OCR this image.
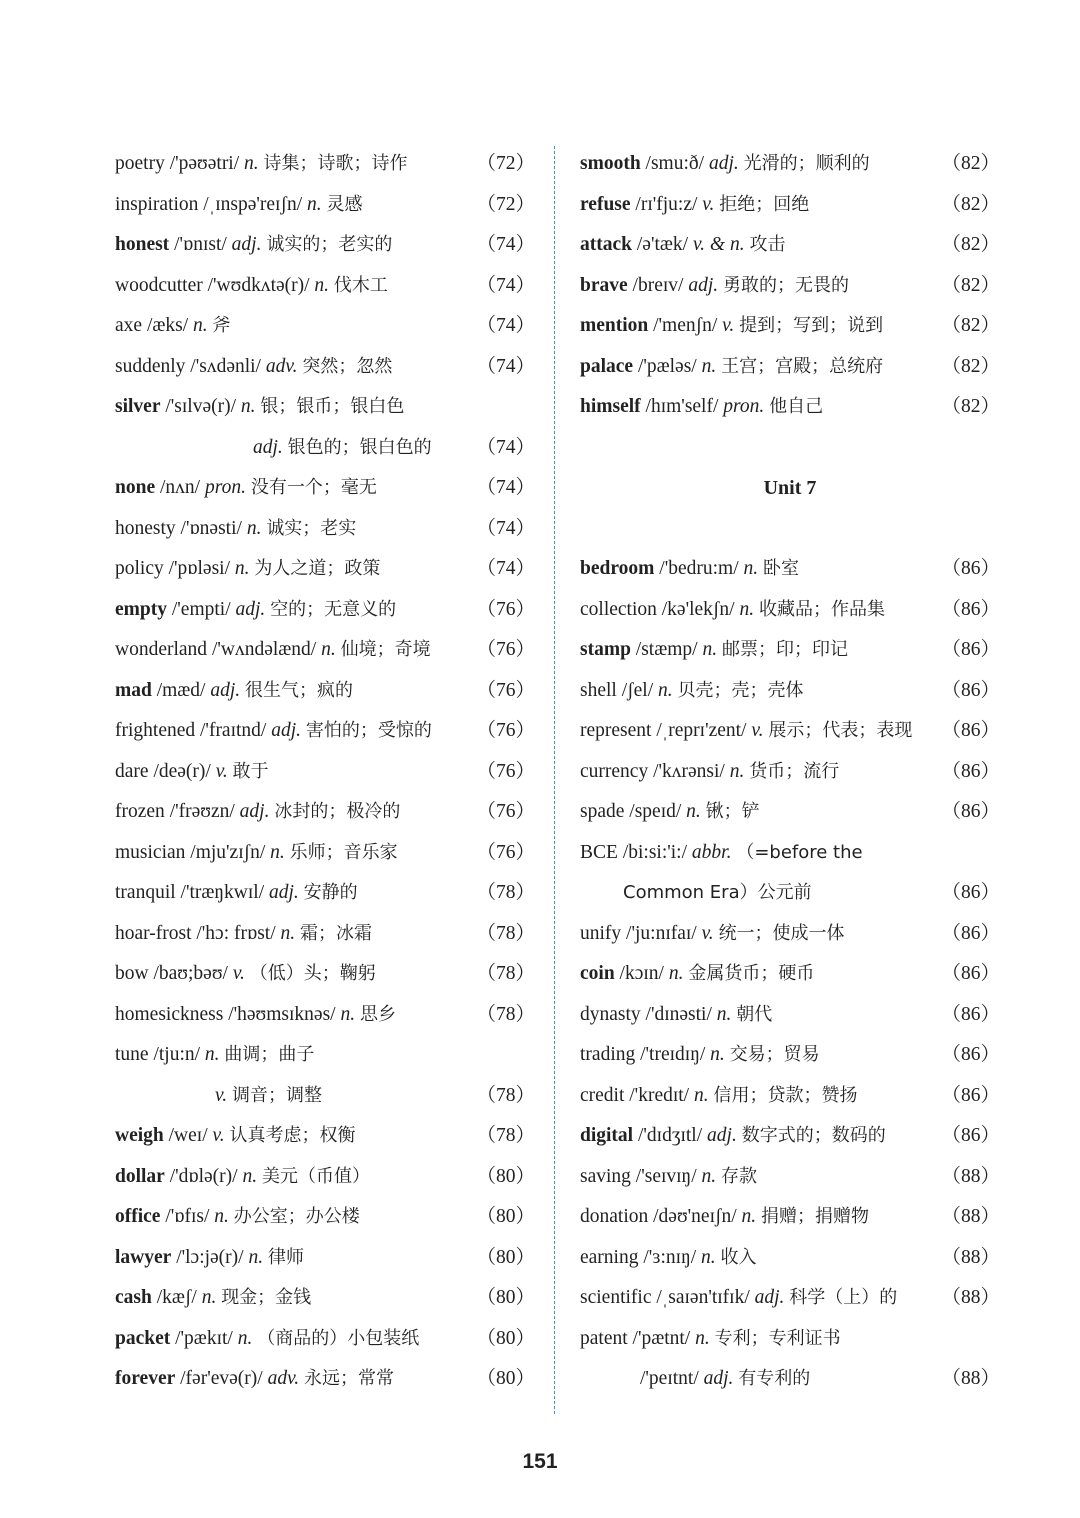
poetry /'pəʊətri/ n. 诗集；诗歌；诗作	（72）
inspiration /ˌɪnspə'reɪʃn/ n. 灵感	（72）
honest /'ɒnɪst/ adj. 诚实的；老实的	（74）
woodcutter /'wʊdkʌtə(r)/ n. 伐木工	（74）
axe /æks/ n. 斧	（74）
suddenly /'sʌdənli/ adv. 突然；忽然	（74）
silver /'sɪlvə(r)/ n. 银；银币；银白色
adj. 银色的；银白色的 （74）
none /nʌn/ pron. 没有一个；毫无	（74）
honesty /'ɒnəsti/ n. 诚实；老实	（74）
policy /'pɒləsi/ n. 为人之道；政策	（74）
empty /'empti/ adj. 空的；无意义的	（76）
wonderland /'wʌndəlænd/ n. 仙境；奇境 （76）
mad /mæd/ adj. 很生气；疯的	（76）
frightened /'fraɪtnd/ adj. 害怕的；受惊的 （76）
dare /deə(r)/ v. 敢于	（76）
frozen /'frəʊzn/ adj. 冰封的；极冷的	（76）
musician /mju'zɪʃn/ n. 乐师；音乐家	（76）
tranquil /'træŋkwɪl/ adj. 安静的	（78）
hoar-frost /'hɔ: frɒst/ n. 霜；冰霜	（78）
bow /baʊ;bəʊ/ v. （低）头；鞠躬	（78）
homesickness /'həʊmsɪknəs/ n. 思乡	（78）
tune /tju:n/ n. 曲调；曲子
v. 调音；调整	（78）
weigh /weɪ/ v. 认真考虑；权衡	（78）
dollar /'dɒlə(r)/ n. 美元（币值）	（80）
office /'ɒfɪs/ n. 办公室；办公楼	（80）
lawyer /'lɔ:jə(r)/ n. 律师	（80）
cash /kæʃ/ n. 现金；金钱	（80）
packet /'pækɪt/ n. （商品的）小包装纸	（80）
forever /fər'evə(r)/ adv. 永远；常常	（80）
smooth /smu:ð/ adj. 光滑的；顺利的	（82）
refuse /rɪ'fju:z/ v. 拒绝；回绝	（82）
attack /ə'tæk/ v. & n. 攻击	（82）
brave /breɪv/ adj. 勇敢的；无畏的	（82）
mention /'menʃn/ v. 提到；写到；说到	（82）
palace /'pæləs/ n. 王宫；宫殿；总统府	（82）
himself /hɪm'self/ pron. 他自己	（82）
Unit 7
bedroom /'bedru:m/ n. 卧室	（86）
collection /kə'lekʃn/ n. 收藏品；作品集	（86）
stamp /stæmp/ n. 邮票；印；印记	（86）
shell /ʃel/ n. 贝壳；壳；壳体	（86）
represent /ˌreprɪ'zent/ v. 展示；代表；表现 （86）
currency /'kʌrənsi/ n. 货币；流行	（86）
spade /speɪd/ n. 锹；铲	（86）
BCE /bi:si:'i:/ abbr. （=before the
Common Era）公元前	（86）
unify /'ju:nɪfaɪ/ v. 统一；使成一体	（86）
coin /kɔɪn/ n. 金属货币；硬币	（86）
dynasty /'dɪnəsti/ n. 朝代	（86）
trading /'treɪdɪŋ/ n. 交易；贸易	（86）
credit /'kredɪt/ n. 信用；贷款；赞扬	（86）
digital /'dɪdʒɪtl/ adj. 数字式的；数码的	（86）
saving /'seɪvɪŋ/ n. 存款	（88）
donation /dəʊ'neɪʃn/ n. 捐赠；捐赠物	（88）
earning /'ɜ:nɪŋ/ n. 收入	（88）
scientific /ˌsaɪən'tɪfɪk/ adj. 科学（上）的 （88）
patent /'pætnt/ n. 专利；专利证书
/'peɪtnt/ adj. 有专利的	（88）
151
